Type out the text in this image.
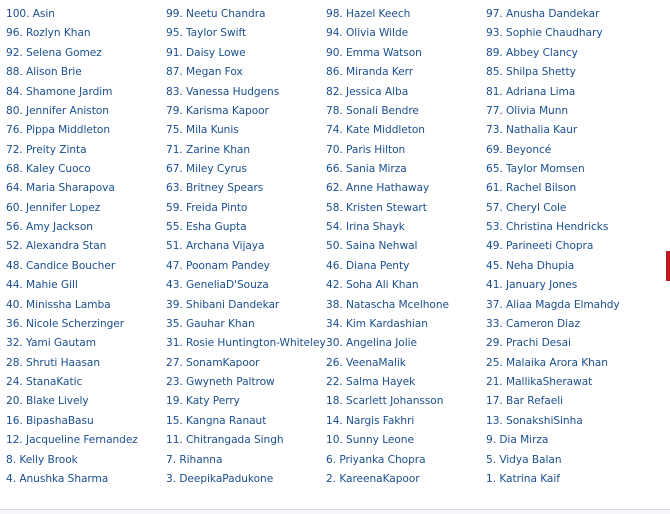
100. Asin
96. Rozlyn Khan
92. Selena Gomez
88. Alison Brie
84. Shamone Jardim
80. Jennifer Aniston
76. Pippa Middleton
72. Preity Zinta
68. Kaley Cuoco
64. Maria Sharapova
60. Jennifer Lopez
56. Amy Jackson
52. Alexandra Stan
48. Candice Boucher
44. Mahie Gill
40. Minissha Lamba
36. Nicole Scherzinger
32. Yami Gautam
28. Shruti Haasan
24. StanaKatic
20. Blake Lively
16. BipashaBasu
12. Jacqueline Fernandez
8. Kelly Brook
4. Anushka Sharma
99. Neetu Chandra
95. Taylor Swift
91. Daisy Lowe
87. Megan Fox
83. Vanessa Hudgens
79. Karisma Kapoor
75. Mila Kunis
71. Zarine Khan
67. Miley Cyrus
63. Britney Spears
59. Freida Pinto
55. Esha Gupta
51. Archana Vijaya
47. Poonam Pandey
43. GeneliaD'Souza
39. Shibani Dandekar
35. Gauhar Khan
31. Rosie Huntington-Whiteley
27. SonamKapoor
23. Gwyneth Paltrow
19. Katy Perry
15. Kangna Ranaut
11. Chitrangada Singh
7. Rihanna
3. DeepikaPadukone
98. Hazel Keech
94. Olivia Wilde
90. Emma Watson
86. Miranda Kerr
82. Jessica Alba
78. Sonali Bendre
74. Kate Middleton
70. Paris Hilton
66. Sania Mirza
62. Anne Hathaway
58. Kristen Stewart
54. Irina Shayk
50. Saina Nehwal
46. Diana Penty
42. Soha Ali Khan
38. Natascha Mcelhone
34. Kim Kardashian
30. Angelina Jolie
26. VeenaMalik
22. Salma Hayek
18. Scarlett Johansson
14. Nargis Fakhri
10. Sunny Leone
6. Priyanka Chopra
2. KareenaKapoor
97. Anusha Dandekar
93. Sophie Chaudhary
89. Abbey Clancy
85. Shilpa Shetty
81. Adriana Lima
77. Olivia Munn
73. Nathalia Kaur
69. Beyoncé
65. Taylor Momsen
61. Rachel Bilson
57. Cheryl Cole
53. Christina Hendricks
49. Parineeti Chopra
45. Neha Dhupia
41. January Jones
37. Aliaa Magda Elmahdy
33. Cameron Diaz
29. Prachi Desai
25. Malaika Arora Khan
21. MallikaSherawat
17. Bar Refaeli
13. SonakshiSinha
9. Dia Mirza
5. Vidya Balan
1. Katrina Kaif
